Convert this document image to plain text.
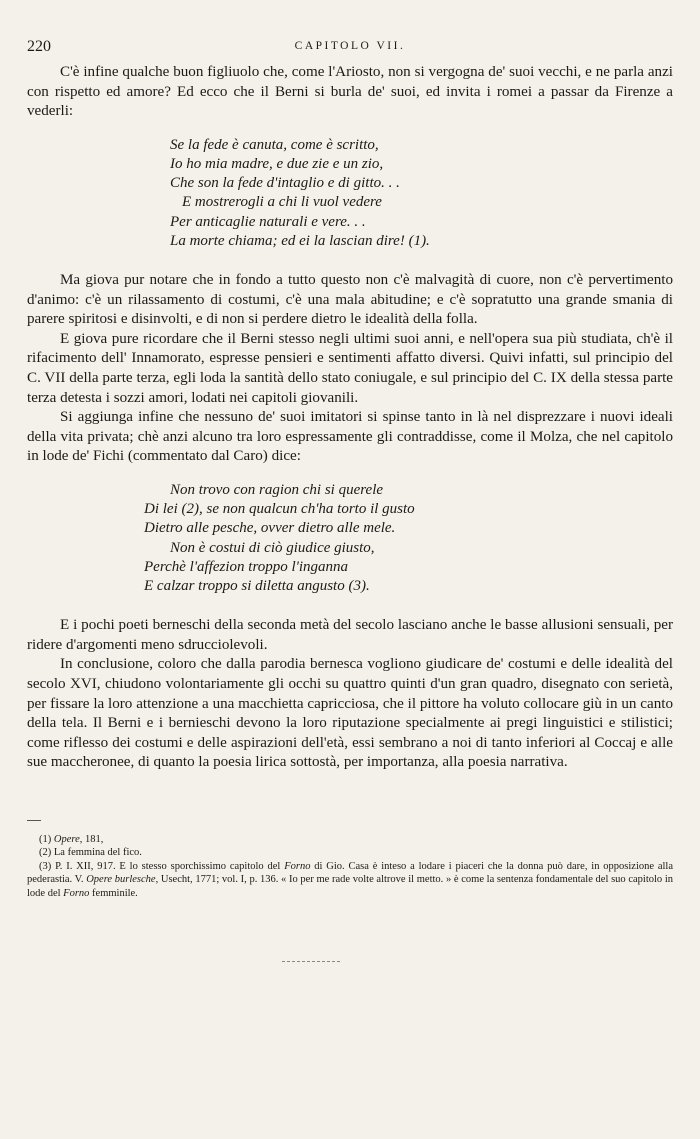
220	CAPITOLO VII.

C'è infine qualche buon figliuolo che, come l'Ariosto, non si vergogna de' suoi vecchi, e ne parla anzi con rispetto ed amore? Ed ecco che il Berni si burla de' suoi, ed invita i romei a passar da Firenze a vederli:

Se la fede è canuta, come è scritto,
Io ho mia madre, e due zie e un zio,
Che son la fede d'intaglio e di gitto. . .
E mostrerogli a chi li vuol vedere
Per anticaglie naturali e vere. . .
La morte chiama; ed ei la lascian dire! (1).

Ma giova pur notare che in fondo a tutto questo non c'è malvagità di cuore, non c'è pervertimento d'animo: c'è un rilassamento di costumi, c'è una mala abitudine; e c'è sopratutto una grande smania di parere spiritosi e disinvolti, e di non si perdere dietro le idealità della folla.

E giova pure ricordare che il Berni stesso negli ultimi suoi anni, e nell'opera sua più studiata, ch'è il rifacimento dell' Innamorato, espresse pensieri e sentimenti affatto diversi. Quivi infatti, sul principio del C. VII della parte terza, egli loda la santità dello stato coniugale, e sul principio del C. IX della stessa parte terza detesta i sozzi amori, lodati nei capitoli giovanili.

Si aggiunga infine che nessuno de' suoi imitatori si spinse tanto in là nel disprezzare i nuovi ideali della vita privata; chè anzi alcuno tra loro espressamente gli contraddisse, come il Molza, che nel capitolo in lode de' Fichi (commentato dal Caro) dice:

Non trovo con ragion chi si querele
Di lei (2), se non qualcun ch'ha torto il gusto
Dietro alle pesche, ovver dietro alle mele.
Non è costui di ciò giudice giusto,
Perchè l'affezion troppo l'inganna
E calzar troppo si diletta angusto (3).

E i pochi poeti berneschi della seconda metà del secolo lasciano anche le basse allusioni sensuali, per ridere d'argomenti meno sdrucciolevoli.

In conclusione, coloro che dalla parodia bernesca vogliono giudicare de' costumi e delle idealità del secolo XVI, chiudono volontariamente gli occhi su quattro quinti d'un gran quadro, disegnato con serietà, per fissare la loro attenzione a una macchietta capricciosa, che il pittore ha voluto collocare giù in un canto della tela. Il Berni e i bernieschi devono la loro riputazione specialmente ai pregi linguistici e stilistici; come riflesso dei costumi e delle aspirazioni dell'età, essi sembrano a noi di tanto inferiori al Coccaj e alle sue maccheronee, di quanto la poesia lirica sottostà, per importanza, alla poesia narrativa.

(1) Opere, 181,
(2) La femmina del fico.
(3) P. I. XII, 917. E lo stesso sporchissimo capitolo del Forno di Gio. Casa è inteso a lodare i piaceri che la donna può dare, in opposizione alla pederastia. V. Opere burlesche, Usecht, 1771; vol. I, p. 136. « Io per me rade volte altrove il metto. » è come la sentenza fondamentale del suo capitolo in lode del Forno femminile.
